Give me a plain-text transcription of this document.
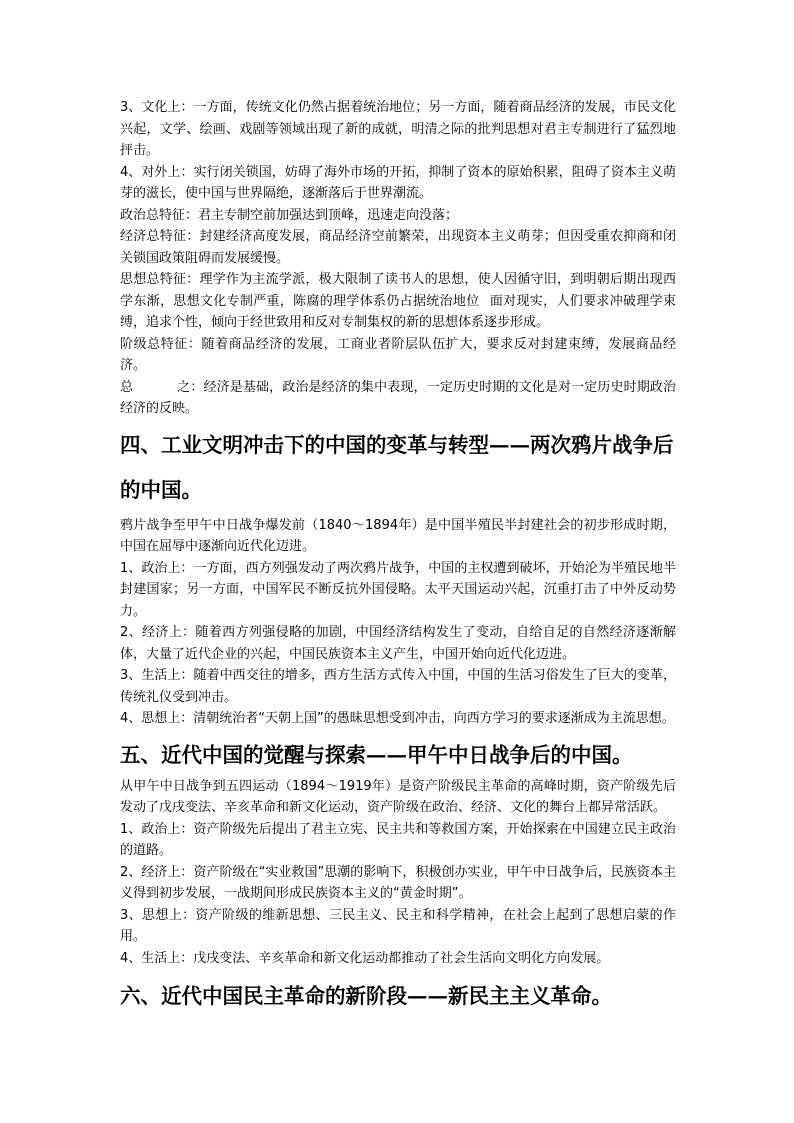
3、文化上：一方面，传统文化仍然占据着统治地位；另一方面，随着商品经济的发展，市民文化兴起，文学、绘画、戏剧等领域出现了新的成就，明清之际的批判思想对君主专制进行了猛烈地抨击。

4、对外上：实行闭关锁国，妨碍了海外市场的开拓，抑制了资本的原始积累，阻碍了资本主义萌芽的滋长，使中国与世界隔绝，逐渐落后于世界潮流。

政治总特征：君主专制空前加强达到顶峰，迅速走向没落；

经济总特征：封建经济高度发展，商品经济空前繁荣，出现资本主义萌芽；但因受重农抑商和闭关锁国政策阻碍而发展缓慢。

思想总特征：理学作为主流学派，极大限制了读书人的思想，使人因循守旧，到明朝后期出现西学东渐，思想文化专制严重，陈腐的理学体系仍占据统治地位 面对现实，人们要求冲破理学束缚，追求个性，倾向于经世致用和反对专制集权的新的思想体系逐步形成。

阶级总特征：随着商品经济的发展，工商业者阶层队伍扩大，要求反对封建束缚，发展商品经济。

总	之：经济是基础，政治是经济的集中表现，一定历史时期的文化是对一定历史时期政治经济的反映。

四、工业文明冲击下的中国的变革与转型——两次鸦片战争后的中国。

鸦片战争至甲午中日战争爆发前（1840～1894年）是中国半殖民半封建社会的初步形成时期，中国在屈辱中逐渐向近代化迈进。

1、政治上：一方面，西方列强发动了两次鸦片战争，中国的主权遭到破坏，开始沦为半殖民地半封建国家；另一方面，中国军民不断反抗外国侵略。太平天国运动兴起，沉重打击了中外反动势力。

2、经济上：随着西方列强侵略的加剧，中国经济结构发生了变动，自给自足的自然经济逐渐解体，大量了近代企业的兴起，中国民族资本主义产生，中国开始向近代化迈进。

3、生活上：随着中西交往的增多，西方生活方式传入中国，中国的生活习俗发生了巨大的变革，传统礼仪受到冲击。

4、思想上：清朝统治者“天朝上国”的愚昧思想受到冲击，向西方学习的要求逐渐成为主流思想。

五、近代中国的觉醒与探索——甲午中日战争后的中国。

从甲午中日战争到五四运动（1894～1919年）是资产阶级民主革命的高峰时期，资产阶级先后发动了戊戌变法、辛亥革命和新文化运动，资产阶级在政治、经济、文化的舞台上都异常活跃。

1、政治上：资产阶级先后提出了君主立宪、民主共和等救国方案，开始探索在中国建立民主政治的道路。

2、经济上：资产阶级在“实业救国”思潮的影响下，积极创办实业，甲午中日战争后，民族资本主义得到初步发展，一战期间形成民族资本主义的“黄金时期”。

3、思想上：资产阶级的维新思想、三民主义、民主和科学精神，在社会上起到了思想启蒙的作用。

4、生活上：戊戌变法、辛亥革命和新文化运动都推动了社会生活向文明化方向发展。

六、近代中国民主革命的新阶段——新民主主义革命。
